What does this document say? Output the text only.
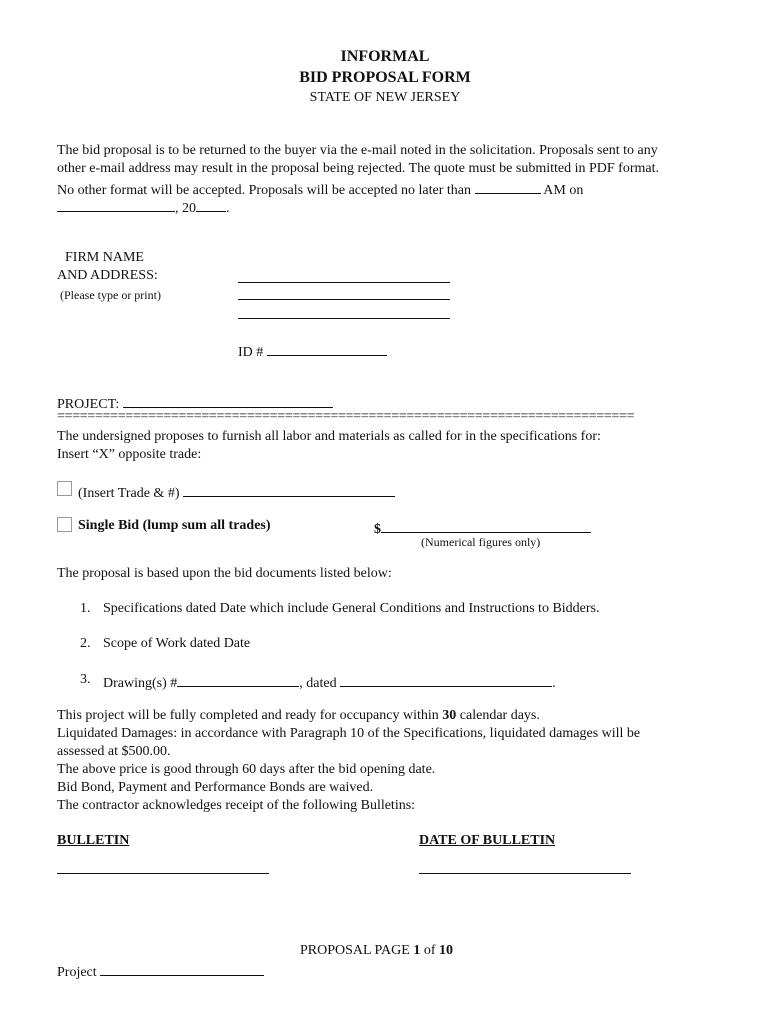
INFORMAL
BID PROPOSAL FORM
STATE OF NEW JERSEY
The bid proposal is to be returned to the buyer via the e-mail noted in the solicitation. Proposals sent to any
other e-mail address may result in the proposal being rejected. The quote must be submitted in PDF format.
No other format will be accepted. Proposals will be accepted no later than	AM on
, 20 .
FIRM NAME
AND ADDRESS:
(Please type or print)
ID #
PROJECT:
============================================================================
The undersigned proposes to furnish all labor and materials as called for in the specifications for:
Insert “X” opposite trade:
(Insert Trade & #)
Single Bid (lump sum all trades)	$
(Numerical figures only)
The proposal is based upon the bid documents listed below:
1. Specifications dated Date which include General Conditions and Instructions to Bidders.
2. Scope of Work dated Date
3. Drawing(s) #	, dated	.
This project will be fully completed and ready for occupancy within 30 calendar days.
Liquidated Damages: in accordance with Paragraph 10 of the Specifications, liquidated damages will be
assessed at $500.00.
The above price is good through 60 days after the bid opening date.
Bid Bond, Payment and Performance Bonds are waived.
The contractor acknowledges receipt of the following Bulletins:
BULLETIN	DATE OF BULLETIN
PROPOSAL PAGE 1 of 10
Project
